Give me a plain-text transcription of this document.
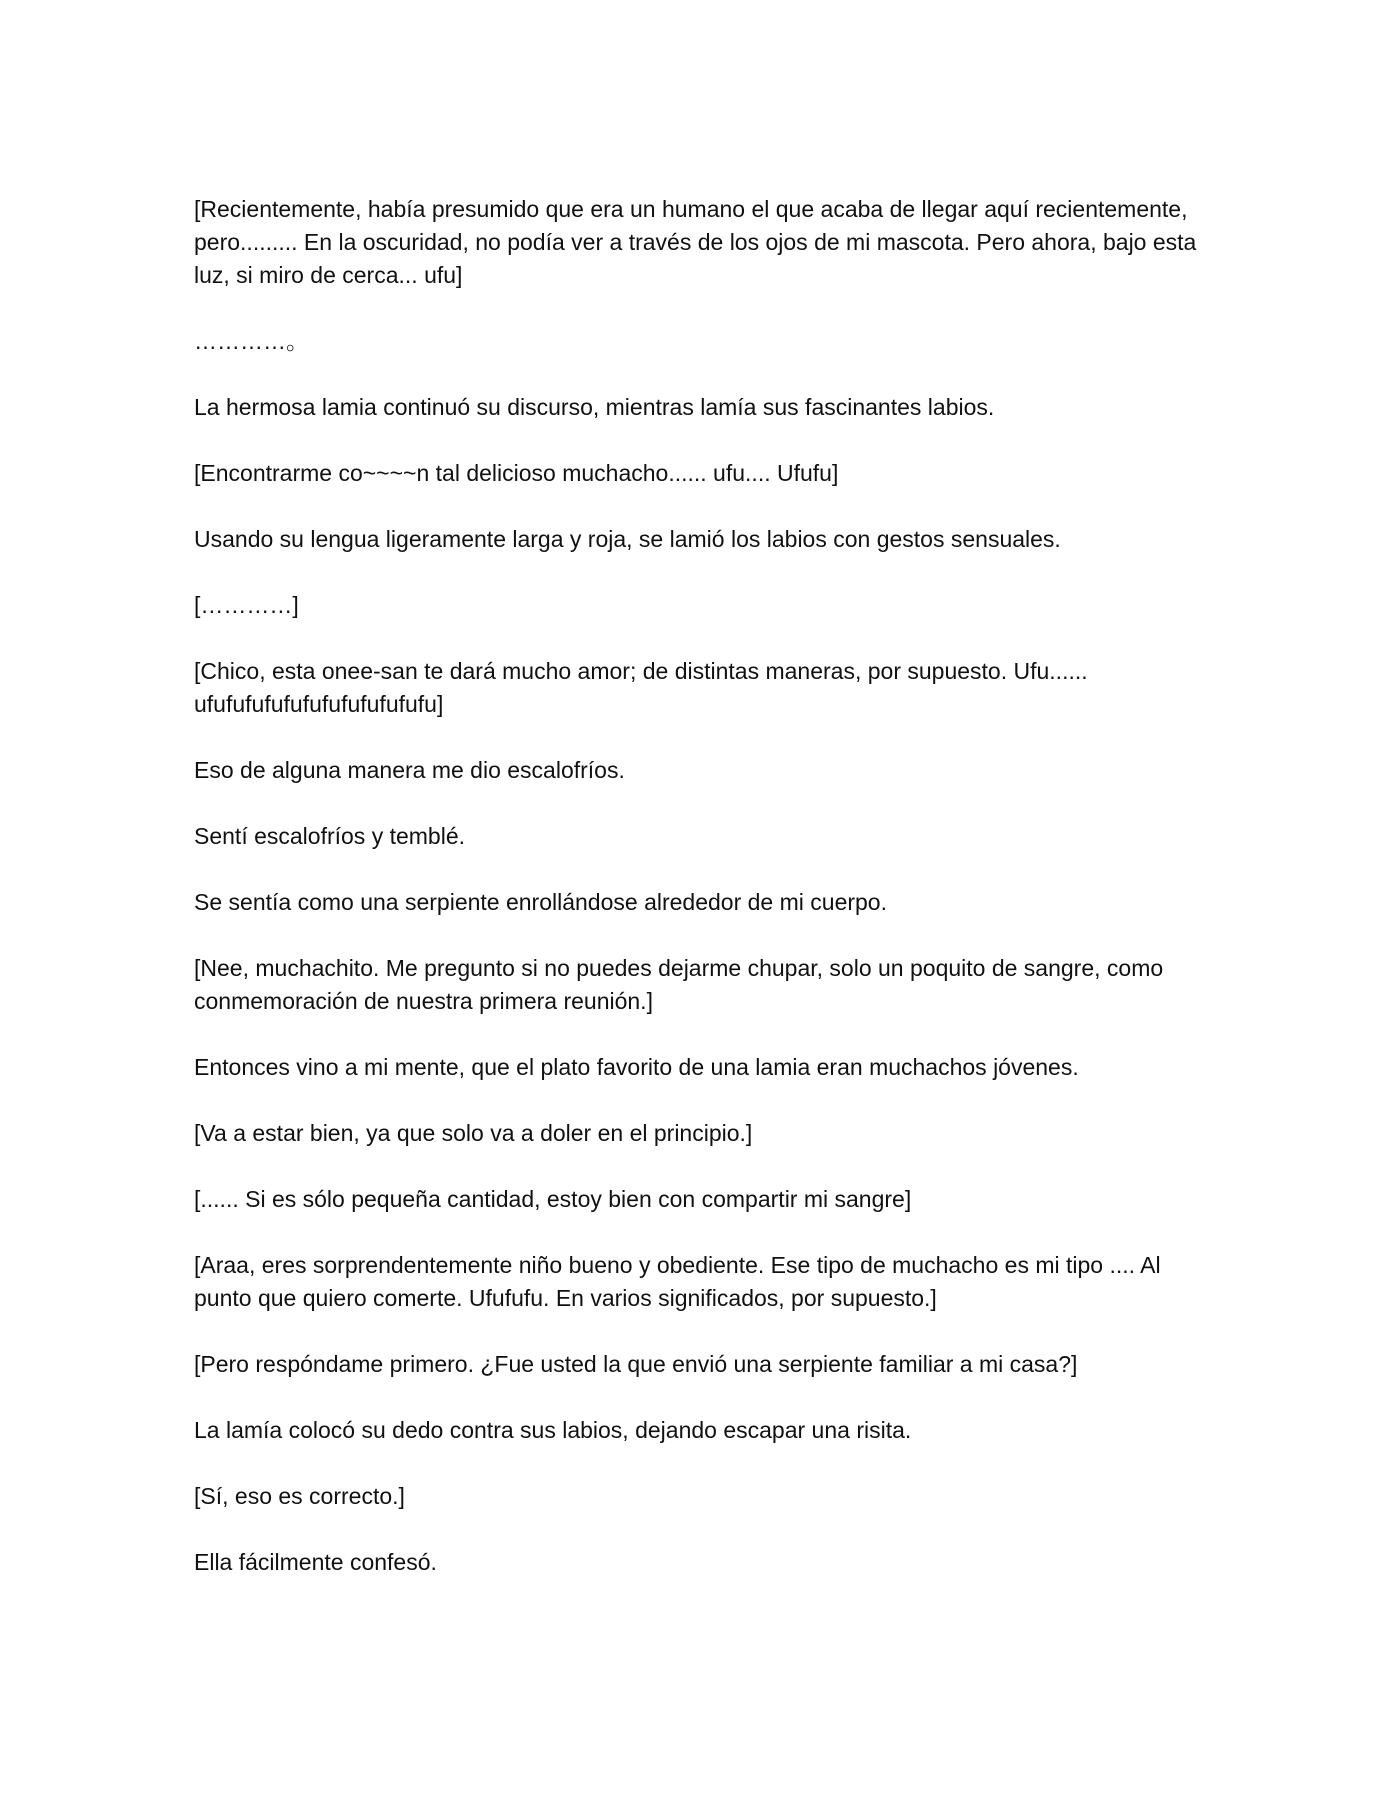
[Recientemente, había presumido que era un humano el que acaba de llegar aquí recientemente, pero......... En la oscuridad, no podía ver a través de los ojos de mi mascota. Pero ahora, bajo esta luz, si miro de cerca... ufu]

…………。

La hermosa lamia continuó su discurso, mientras lamía sus fascinantes labios.

[Encontrarme co~~~~n tal delicioso muchacho...... ufu.... Ufufu]

Usando su lengua ligeramente larga y roja, se lamió los labios con gestos sensuales.

[…………]

[Chico, esta onee-san te dará mucho amor; de distintas maneras, por supuesto. Ufu...... ufufufufufufufufufufufufu]

Eso de alguna manera me dio escalofríos.

Sentí escalofríos y temblé.

Se sentía como una serpiente enrollándose alrededor de mi cuerpo.

[Nee, muchachito. Me pregunto si no puedes dejarme chupar, solo un poquito de sangre, como conmemoración de nuestra primera reunión.]

Entonces vino a mi mente, que el plato favorito de una lamia eran muchachos jóvenes.

[Va a estar bien, ya que solo va a doler en el principio.]

[...... Si es sólo pequeña cantidad, estoy bien con compartir mi sangre]

[Araa, eres sorprendentemente niño bueno y obediente. Ese tipo de muchacho es mi tipo .... Al punto que quiero comerte. Ufufufu. En varios significados, por supuesto.]

[Pero respóndame primero. ¿Fue usted la que envió una serpiente familiar a mi casa?]

La lamía colocó su dedo contra sus labios, dejando escapar una risita.

[Sí, eso es correcto.]

Ella fácilmente confesó.
